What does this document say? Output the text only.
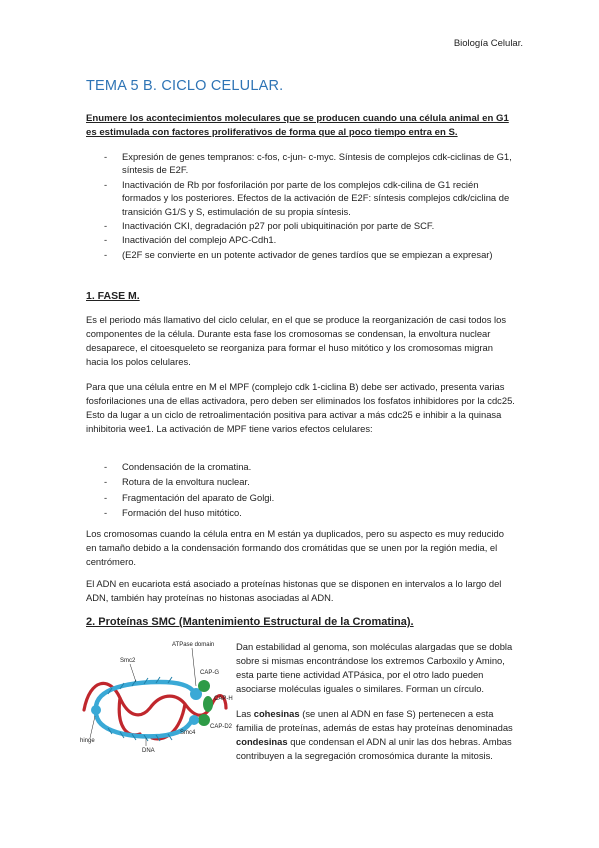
Biología Celular.
TEMA 5 B. CICLO CELULAR.

Enumere los acontecimientos moleculares que se producen cuando una célula animal en G1 es estimulada con factores proliferativos de forma que al poco tiempo entra en S.

- Expresión de genes tempranos: c-fos, c-jun- c-myc. Síntesis de complejos cdk-ciclinas de G1, síntesis de E2F.
- Inactivación de Rb por fosforilación por parte de los complejos cdk-cilina de G1 recién formados y los posteriores. Efectos de la activación de E2F: síntesis complejos cdk/ciclina de transición G1/S y S, estimulación de su propia síntesis.
- Inactivación CKI, degradación p27 por poli ubiquitinación por parte de SCF.
- Inactivación del complejo APC-Cdh1.
- (E2F se convierte en un potente activador de genes tardíos que se empiezan a expresar)
1. FASE M.

Es el periodo más llamativo del ciclo celular, en el que se produce la reorganización de casi todos los componentes de la célula. Durante esta fase los cromosomas se condensan, la envoltura nuclear desaparece, el citoesqueleto se reorganiza para formar el huso mitótico y los cromosomas migran hacia los polos celulares.

Para que una célula entre en M el MPF (complejo cdk 1-ciclina B) debe ser activado, presenta varias fosforilaciones una de ellas activadora, pero deben ser eliminados los fosfatos inhibidores por la cdc25. Esto da lugar a un ciclo de retroalimentación positiva para activar a más cdc25 e inhibir a la quinasa inhibitoria wee1. La activación de MPF tiene varios efectos celulares:

- Condensación de la cromatina.
- Rotura de la envoltura nuclear.
- Fragmentación del aparato de Golgi.
- Formación del huso mitótico.

Los cromosomas cuando la célula entra en M están ya duplicados, pero su aspecto es muy reducido en tamaño debido a la condensación formando dos cromátidas que se unen por la región media, el centrómero.

El ADN en eucariota está asociado a proteínas histonas que se disponen en intervalos a lo largo del ADN, también hay proteínas no histonas asociadas al ADN.

2. Proteínas SMC (Mantenimiento Estructural de la Cromatina).
ATPase domain
Smc2
CAP-G
CAP-H
hinge
Smc4
CAP-D2
DNA

Dan estabilidad al genoma, son moléculas alargadas que se dobla sobre si mismas encontrándose los extremos Carboxilo y Amino, esta parte tiene actividad ATPásica, por el otro lado pueden asociarse moléculas iguales o similares. Forman un círculo.

Las cohesinas (se unen al ADN en fase S) pertenecen a esta familia de proteínas, además de estas hay proteínas denominadas condesinas que condensan el ADN al unir las dos hebras. Ambas contribuyen a la segregación cromosómica durante la mitosis.
